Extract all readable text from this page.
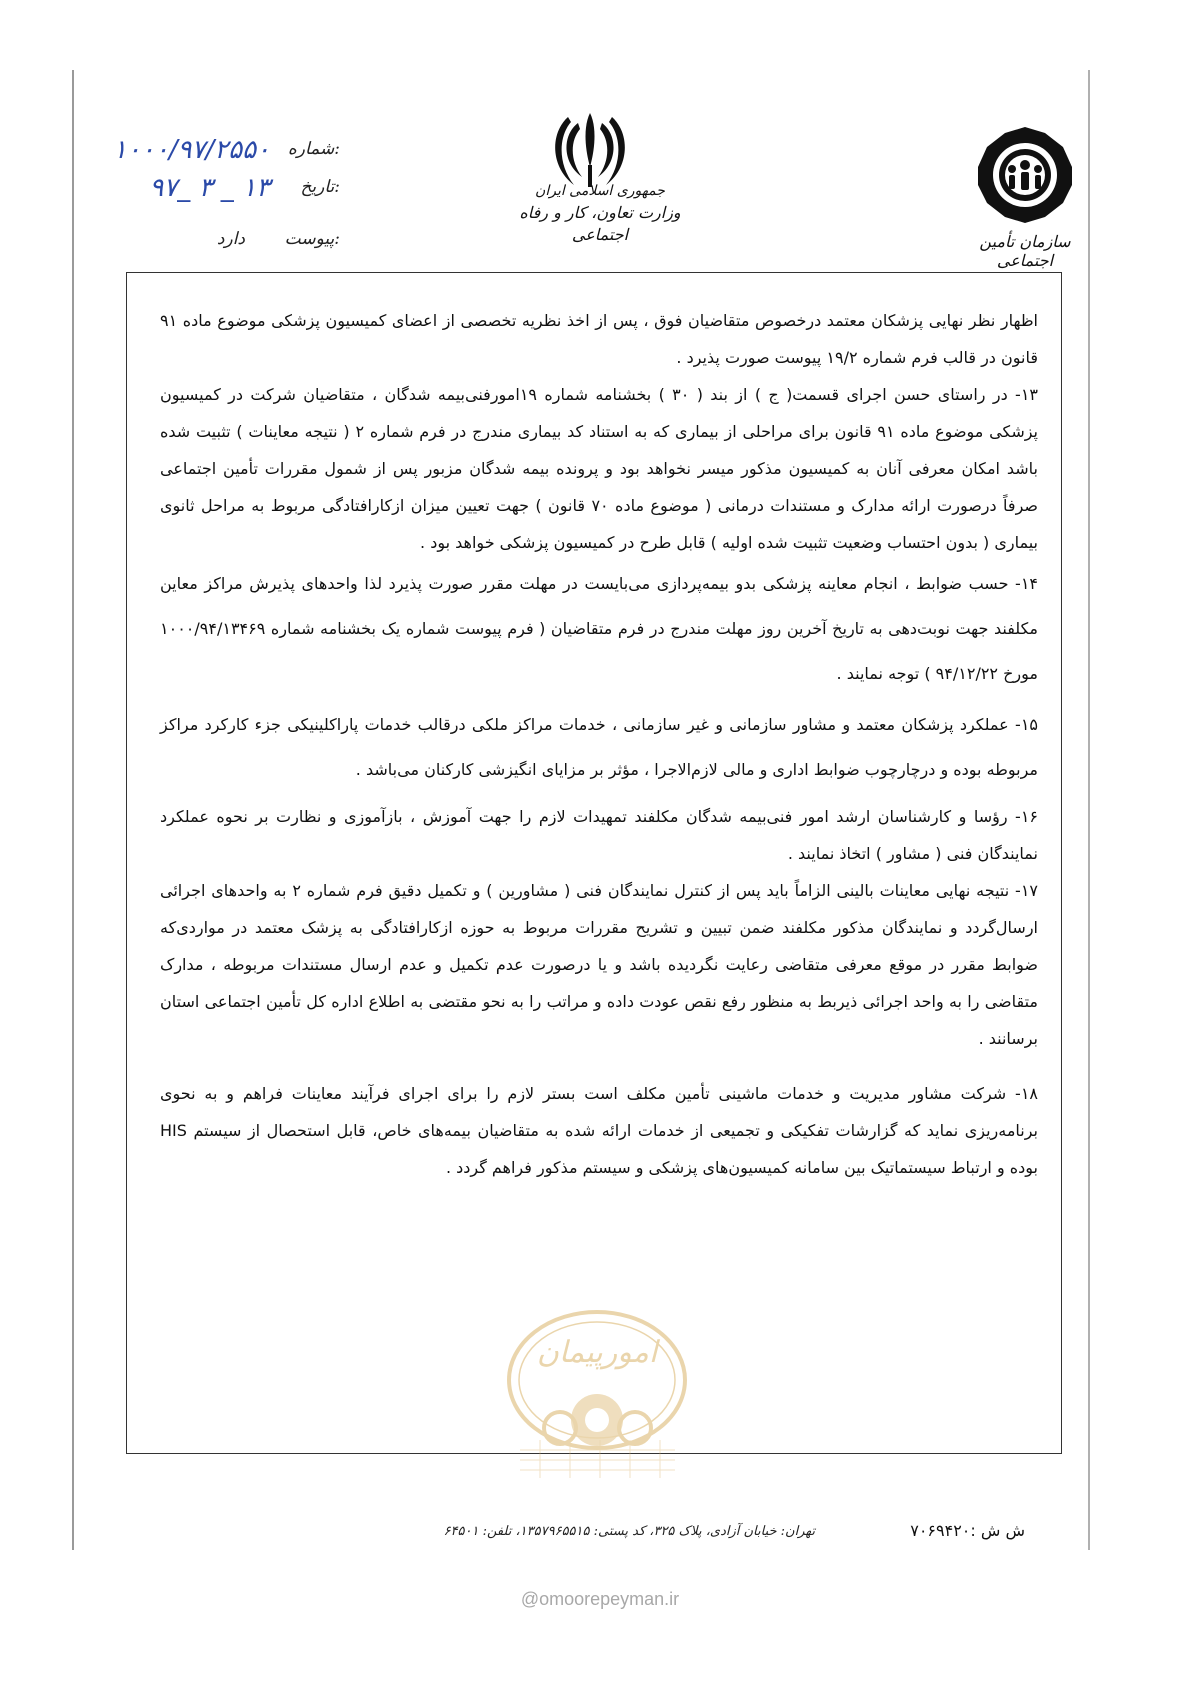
شماره:
۱۰۰۰/۹۷/۲۵۵۰
تاریخ:
۹۷_ ۳ _ ۱۳
پیوست:
دارد
جمهوری اسلامی ایران
وزارت تعاون، کار و رفاه اجتماعی	سازمان تأمین اجتماعی

اظهار نظر نهایی پزشکان معتمد درخصوص متقاضیان فوق ، پس از اخذ نظریه تخصصی از اعضای کمیسیون پزشکی موضوع ماده ۹۱ قانون در قالب فرم شماره ۱۹/۲ پیوست صورت پذیرد .

۱۳- در راستای حسن اجرای قسمت( ج ) از بند ( ۳۰ ) بخشنامه شماره ۱۹امورفنی‌بیمه شدگان ، متقاضیان شرکت در کمیسیون پزشکی موضوع ماده ۹۱ قانون برای مراحلی از بیماری که به استناد کد بیماری مندرج در فرم شماره ۲ ( نتیجه معاینات ) تثبیت شده باشد امکان معرفی آنان به کمیسیون مذکور میسر نخواهد بود و پرونده بیمه شدگان مزبور پس از شمول مقررات تأمین اجتماعی صرفاً درصورت ارائه مدارک و مستندات درمانی ( موضوع ماده ۷۰ قانون ) جهت تعیین میزان ازکارافتادگی مربوط به مراحل ثانوی بیماری ( بدون احتساب وضعیت تثبیت شده اولیه ) قابل طرح در کمیسیون پزشکی خواهد بود .

۱۴- حسب ضوابط ، انجام معاینه پزشکی بدو بیمه‌پردازی می‌بایست در مهلت مقرر صورت پذیرد لذا واحدهای پذیرش مراکز معاین مکلفند جهت نوبت‌دهی به تاریخ آخرین روز مهلت مندرج در فرم متقاضیان ( فرم پیوست شماره یک بخشنامه شماره ۱۰۰۰/۹۴/۱۳۴۶۹ مورخ ۹۴/۱۲/۲۲ ) توجه نمایند .

۱۵- عملکرد پزشکان معتمد و مشاور سازمانی و غیر سازمانی ، خدمات مراکز ملکی درقالب خدمات پاراکلینیکی جزء کارکرد مراکز مربوطه بوده و درچارچوب ضوابط اداری و مالی لازم‌الاجرا ، مؤثر بر مزایای انگیزشی کارکنان می‌باشد .

۱۶- رؤسا و کارشناسان ارشد امور فنی‌بیمه شدگان مکلفند تمهیدات لازم را جهت آموزش ، بازآموزی و نظارت بر نحوه عملکرد نمایندگان فنی ( مشاور ) اتخاذ نمایند .

۱۷- نتیجه نهایی معاینات بالینی الزاماً باید پس از کنترل نمایندگان فنی ( مشاورین ) و تکمیل دقیق فرم شماره ۲ به واحدهای اجرائی ارسال‌گردد و نمایندگان مذکور مکلفند ضمن تبیین و تشریح مقررات مربوط به حوزه ازکارافتادگی به پزشک معتمد در مواردی‌که ضوابط مقرر در موقع معرفی متقاضی رعایت نگردیده باشد و یا درصورت عدم تکمیل و عدم ارسال مستندات مربوطه ، مدارک متقاضی را به واحد اجرائی ذیربط به منظور رفع نقص عودت داده و مراتب را به نحو مقتضی به اطلاع اداره کل تأمین اجتماعی استان برسانند .

۱۸- شرکت مشاور مدیریت و خدمات ماشینی تأمین مکلف است بستر لازم را برای اجرای فرآیند معاینات فراهم و به نحوی برنامه‌ریزی نماید که گزارشات تفکیکی و تجمیعی از خدمات ارائه شده به متقاضیان بیمه‌های خاص، قابل استحصال از سیستم HIS بوده و ارتباط سیستماتیک بین سامانه کمیسیون‌های پزشکی و سیستم مذکور فراهم گردد .

امورپیمان
تهران: خیابان آزادی، پلاک ۳۲۵، کد پستی: ۱۳۵۷۹۶۵۵۱۵، تلفن: ۶۴۵۰۱	ش ش :۷۰۶۹۴۲۰
@omoorepeyman.ir
